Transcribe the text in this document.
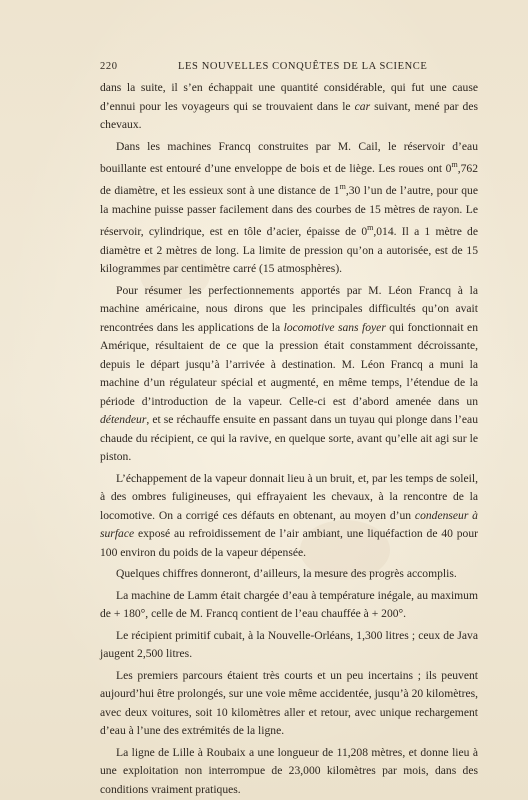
220	LES NOUVELLES CONQUÊTES DE LA SCIENCE

dans la suite, il s’en échappait une quantité considérable, qui fut une cause d’ennui pour les voyageurs qui se trouvaient dans le car suivant, mené par des chevaux.

Dans les machines Francq construites par M. Cail, le réservoir d’eau bouillante est entouré d’une enveloppe de bois et de liège. Les roues ont 0$^m$,762 de diamètre, et les essieux sont à une distance de 1$^m$,30 l’un de l’autre, pour que la machine puisse passer facilement dans des courbes de 15 mètres de rayon. Le réservoir, cylindrique, est en tôle d’acier, épaisse de 0$^m$,014. Il a 1 mètre de diamètre et 2 mètres de long. La limite de pression qu’on a autorisée, est de 15 kilogrammes par centimètre carré (15 atmosphères).

Pour résumer les perfectionnements apportés par M. Léon Francq à la machine américaine, nous dirons que les principales difficultés qu’on avait rencontrées dans les applications de la locomotive sans foyer qui fonctionnait en Amérique, résultaient de ce que la pression était constamment décroissante, depuis le départ jusqu’à l’arrivée à destination. M. Léon Francq a muni la machine d’un régulateur spécial et augmenté, en même temps, l’étendue de la période d’introduction de la vapeur. Celle-ci est d’abord amenée dans un détendeur, et se réchauffe ensuite en passant dans un tuyau qui plonge dans l’eau chaude du récipient, ce qui la ravive, en quelque sorte, avant qu’elle ait agi sur le piston.

L’échappement de la vapeur donnait lieu à un bruit, et, par les temps de soleil, à des ombres fuligineuses, qui effrayaient les chevaux, à la rencontre de la locomotive. On a corrigé ces défauts en obtenant, au moyen d’un condenseur à surface exposé au refroidissement de l’air ambiant, une liquéfaction de 40 pour 100 environ du poids de la vapeur dépensée.

Quelques chiffres donneront, d’ailleurs, la mesure des progrès accomplis.

La machine de Lamm était chargée d’eau à température inégale, au maximum de + 180°, celle de M. Francq contient de l’eau chauffée à + 200°.

Le récipient primitif cubait, à la Nouvelle-Orléans, 1,300 litres ; ceux de Java jaugent 2,500 litres.

Les premiers parcours étaient très courts et un peu incertains ; ils peuvent aujourd’hui être prolongés, sur une voie même accidentée, jusqu’à 20 kilomètres, avec deux voitures, soit 10 kilomètres aller et retour, avec unique rechargement d’eau à l’une des extrémités de la ligne.

La ligne de Lille à Roubaix a une longueur de 11,208 mètres, et donne lieu à une exploitation non interrompue de 23,000 kilomètres par mois, dans des conditions vraiment pratiques.
